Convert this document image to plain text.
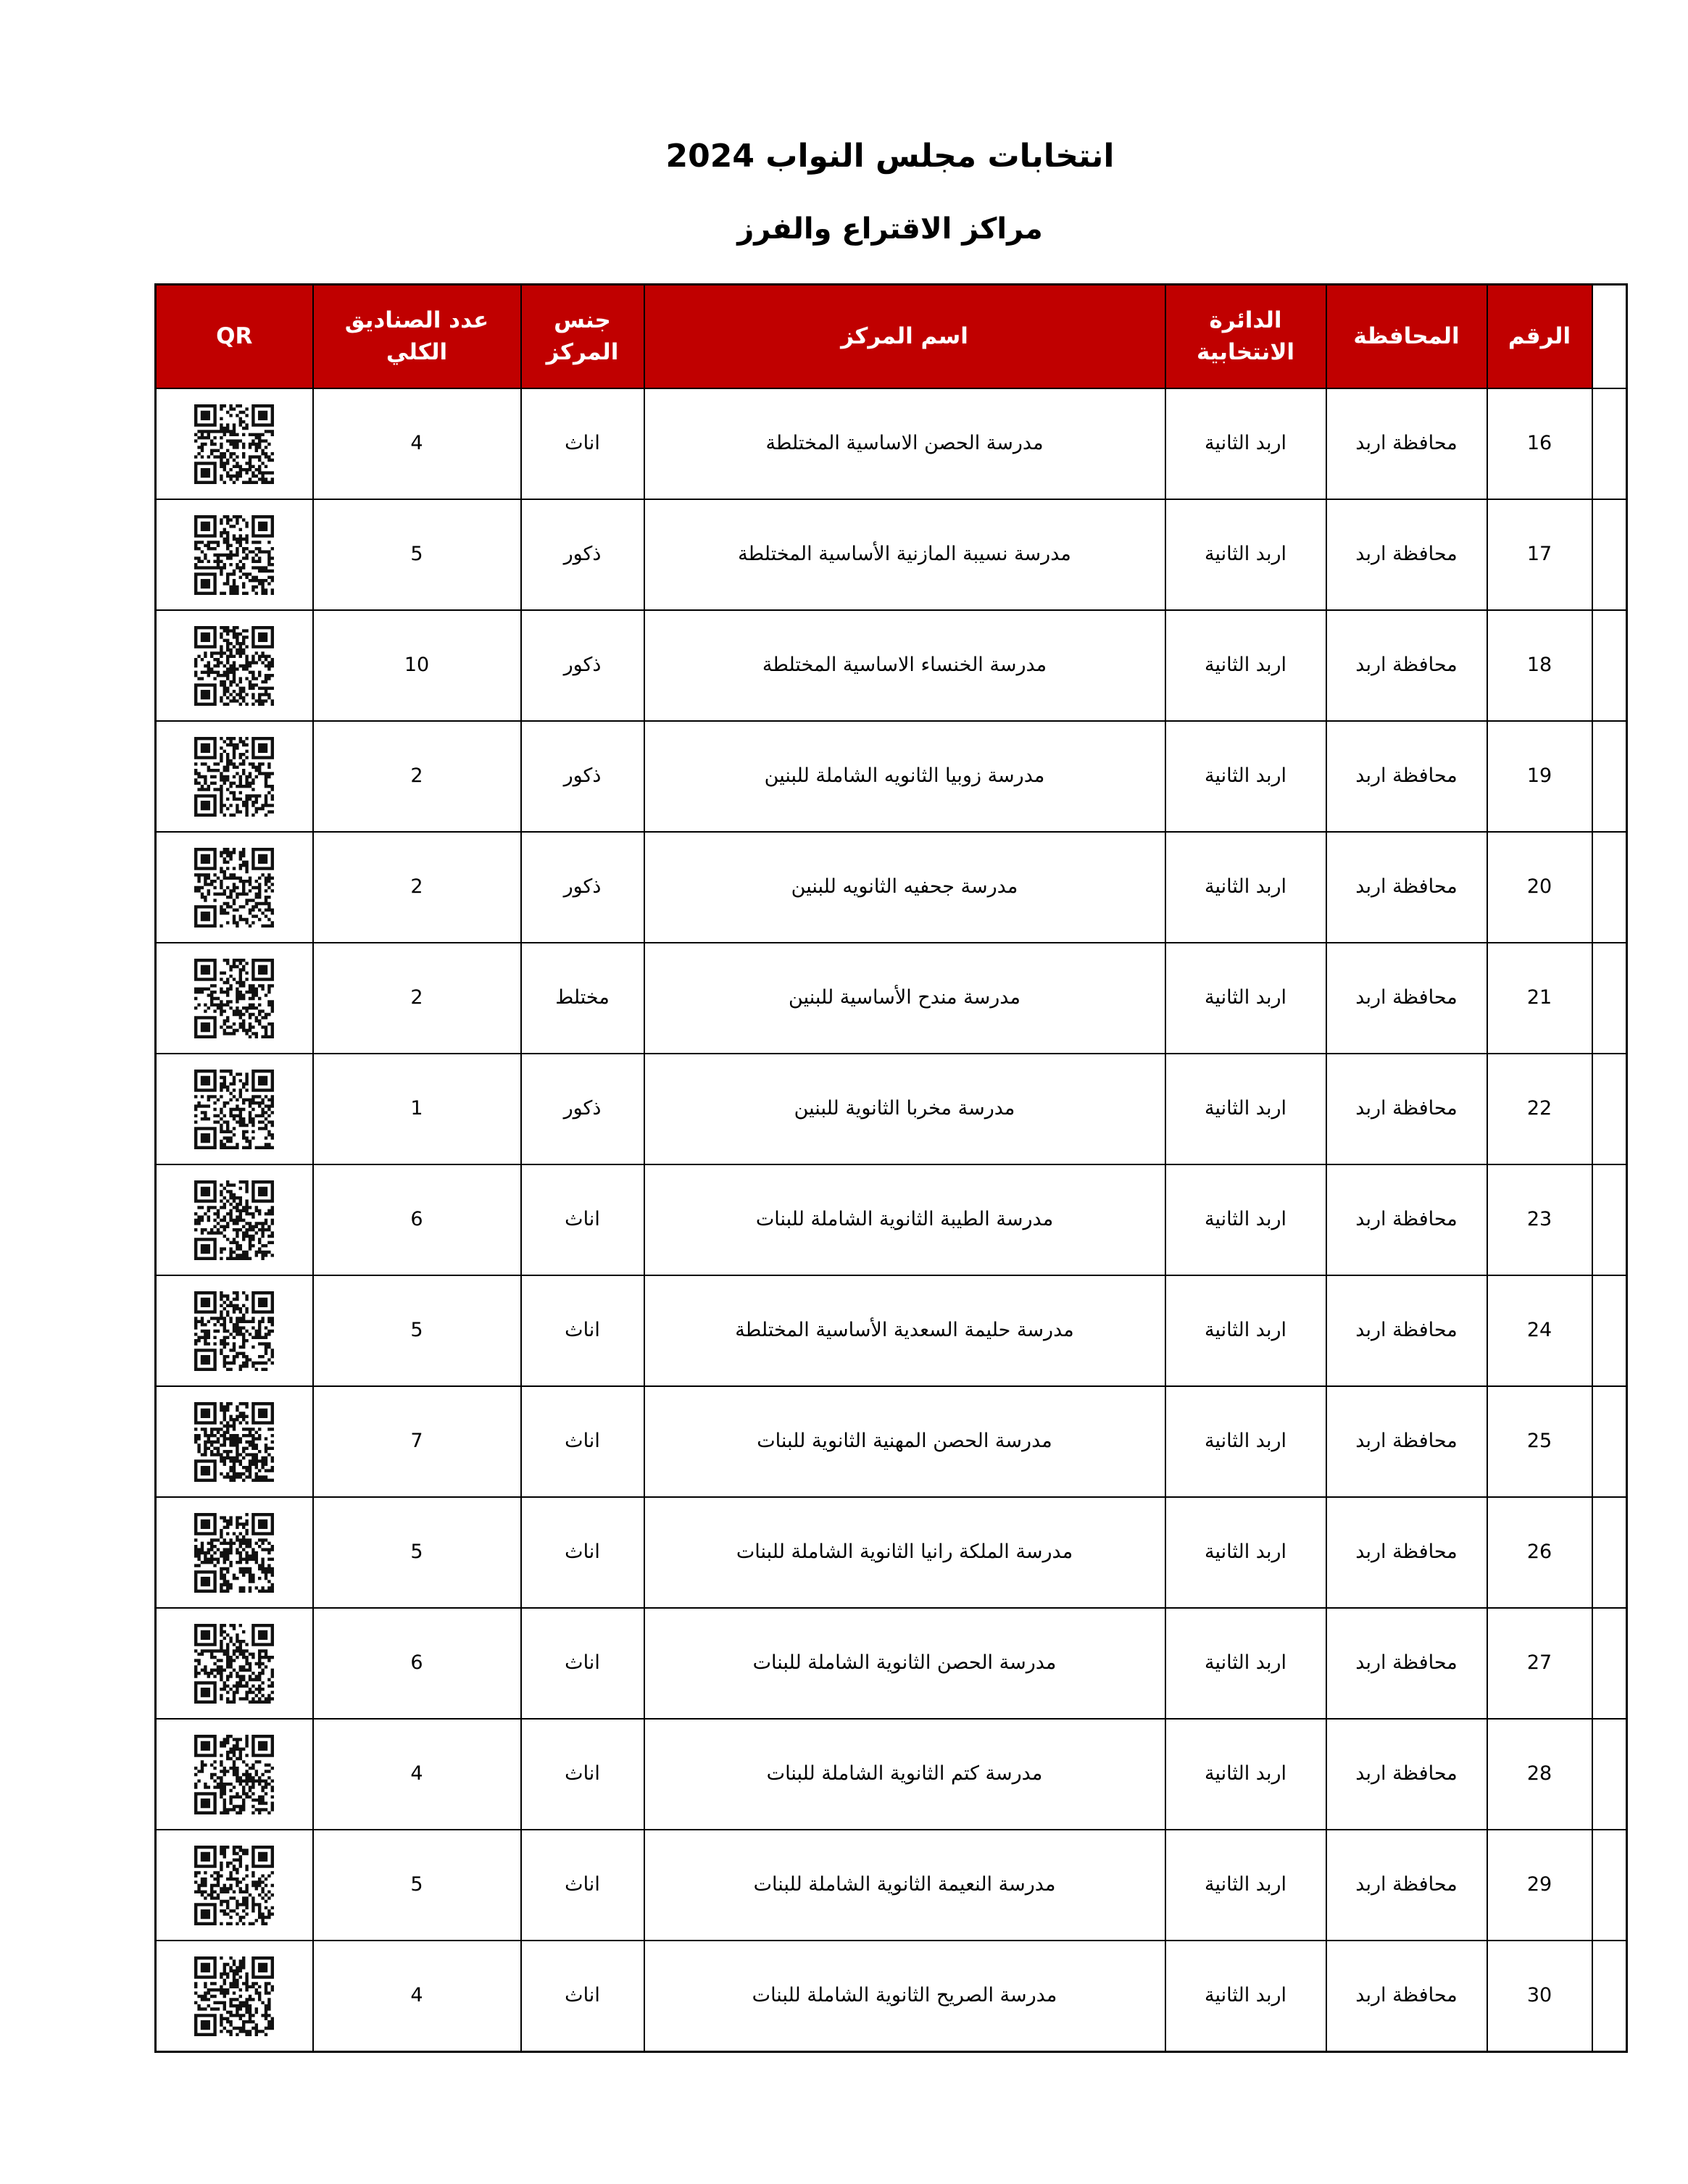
انتخابات مجلس النواب 2024
مراكز الاقتراع والفرز
	الرقم	المحافظة	الدائرة الانتخابية	اسم المركز	جنس المركز	عدد الصناديق الكلي	QR
	16	محافظة اربد	اربد الثانية	مدرسة الحصن الاساسية المختلطة	اناث	4	

	17	محافظة اربد	اربد الثانية	مدرسة نسيبة المازنية الأساسية المختلطة	ذكور	5	

	18	محافظة اربد	اربد الثانية	مدرسة الخنساء الاساسية المختلطة	ذكور	10	

	19	محافظة اربد	اربد الثانية	مدرسة زوبيا الثانويه الشاملة للبنين	ذكور	2	

	20	محافظة اربد	اربد الثانية	مدرسة جحفيه الثانويه للبنين	ذكور	2	

	21	محافظة اربد	اربد الثانية	مدرسة مندح الأساسية للبنين	مختلط	2	

	22	محافظة اربد	اربد الثانية	مدرسة مخربا الثانوية للبنين	ذكور	1	

	23	محافظة اربد	اربد الثانية	مدرسة الطيبة الثانوية الشاملة للبنات	اناث	6	

	24	محافظة اربد	اربد الثانية	مدرسة حليمة السعدية الأساسية المختلطة	اناث	5	

	25	محافظة اربد	اربد الثانية	مدرسة الحصن المهنية الثانوية للبنات	اناث	7	

	26	محافظة اربد	اربد الثانية	مدرسة الملكة رانيا الثانوية الشاملة للبنات	اناث	5	

	27	محافظة اربد	اربد الثانية	مدرسة الحصن الثانوية الشاملة للبنات	اناث	6	

	28	محافظة اربد	اربد الثانية	مدرسة كتم الثانوية الشاملة للبنات	اناث	4	

	29	محافظة اربد	اربد الثانية	مدرسة النعيمة الثانوية الشاملة للبنات	اناث	5	

	30	محافظة اربد	اربد الثانية	مدرسة الصريح الثانوية الشاملة للبنات	اناث	4	
